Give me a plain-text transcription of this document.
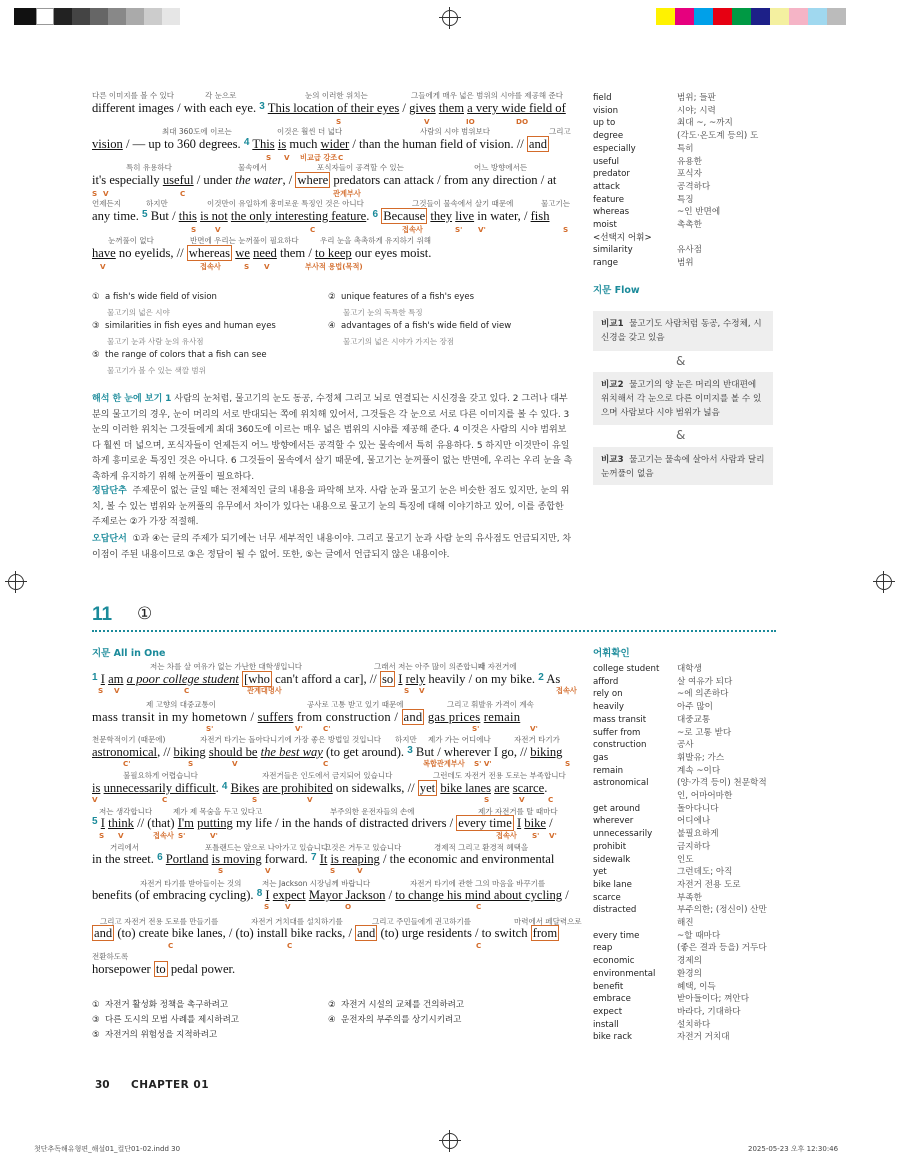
다른 이미지를 볼 수 있다	각 눈으로	눈의 이러한 위치는	그들에게 매우 넓은 범위의 시야를 제공해 준다
S	V	IO	DO
최대 360도에 이르는	이것은 훨씬 더 넓다	사람의 시야 범위보다	그리고
S V 비교급 강조 C
특히 유용하다	물속에서	포식자들이 공격할 수 있는	어느 방향에서든
S V	C	관계부사
언제든지	하지만	이것만이 유일하게 흥미로운 특징인 것은 아니다	그것들이 물속에서 살기 때문에	물고기는
S	V	C	접속사	S' V'	S
눈꺼풀이 없다	반면에 우리는 눈꺼풀이 필요하다	우리 눈을 촉촉하게 유지하기 위해
V	접속사	S V	부사적 용법(목적)
different images / with each eye. $^3$ This location of their eyes / gives them a very wide field of
vision / — up to 360 degrees. $^4$ This is much wider / than the human field of vision. // and
it's especially useful / under the water, / where predators can attack / from any direction / at
any time. $^5$ But / this is not the only interesting feature. $^6$ Because they live in water, / fish
have no eyelids, // whereas we need them / to keep our eyes moist.
① a fish's wide field of vision
물고기의 넓은 시야
② unique features of a fish's eyes
물고기 눈의 독특한 특징
③ similarities in fish eyes and human eyes
물고기 눈과 사람 눈의 유사점
④ advantages of a fish's wide field of view
물고기의 넓은 시야가 가지는 장점
⑤ the range of colors that a fish can see
물고기가 볼 수 있는 색깔 범위
해석 한 눈에 보기 1 사람의 눈처럼, 물고기의 눈도 동공, 수정체 그리고 뇌로 연결되는 시신경을 갖고 있다. 2 그러나 대부분의 물고기의 경우, 눈이 머리의 서로 반대되는 쪽에 위치해 있어서, 그것들은 각 눈으로 서로 다른 이미지를 볼 수 있다. 3 눈의 이러한 위치는 그것들에게 최대 360도에 이르는 매우 넓은 범위의 시야를 제공해 준다. 4 이것은 사람의 시야 범위보다 훨씬 더 넓으며, 포식자들이 언제든지 어느 방향에서든 공격할 수 있는 물속에서 특히 유용하다. 5 하지만 이것만이 유일하게 흥미로운 특징인 것은 아니다. 6 그것들이 물속에서 살기 때문에, 물고기는 눈꺼풀이 없는 반면에, 우리는 우리 눈을 촉촉하게 유지하기 위해 눈꺼풀이 필요하다.
정답단추 주제문이 없는 글일 때는 전체적인 글의 내용을 파악해 보자. 사람 눈과 물고기 눈은 비슷한 점도 있지만, 눈의 위치, 볼 수 있는 범위와 눈꺼풀의 유무에서 차이가 있다는 내용으로 물고기 눈의 특징에 대해 이야기하고 있어, 이를 종합한 주제로는 ②가 가장 적절해.
오답단서 ①과 ④는 글의 주제가 되기에는 너무 세부적인 내용이야. 그리고 물고기 눈과 사람 눈의 유사점도 언급되지만, 차이점이 주된 내용이므로 ③은 정답이 될 수 없어. 또한, ⑤는 글에서 언급되지 않은 내용이야.
field	범위; 들판
vision	시야; 시력
up to	최대 ~, ~까지
degree	(각도·온도계 등의) 도
especially	특히
useful	유용한
predator	포식자
attack	공격하다
feature	특징
whereas	~인 반면에
moist	촉촉한
<선택지 어휘>
similarity	유사점
range	범위
지문 Flow
비교1 물고기도 사람처럼 동공, 수정체, 시신경을 갖고 있음
&
비교2 물고기의 양 눈은 머리의 반대편에 위치해서 각 눈으로 다른 이미지를 볼 수 있으며 사람보다 시야 범위가 넓음
&
비교3 물고기는 물속에 살아서 사람과 달리 눈꺼풀이 없음
11 ①
지문 All in One	어휘확인
저는 차를 살 여유가 없는 가난한 대학생입니다	그래서 저는 아주 많이 의존합니다
제 자전거에
제 고향의 대중교통이	공사로 고통 받고 있기 때문에	그리고 휘발유 가격이 계속
천문학적이기 (때문에)	자전거 타기는 돌아다니기에 가장 좋은 방법일 것입니다 하지만 제가 가는 어디에나	자전거 타기가
불필요하게 어렵습니다	자전거들은 인도에서 금지되어 있습니다	그런데도 자전거 전용 도로는 부족합니다
저는 생각합니다	제가 제 목숨을 두고 있다고	부주의한 운전자들의 손에	제가 자전거를 탈 때마다
거리에서	포틀랜드는 앞으로 나아가고 있습니다
그것은 거두고 있습니다	경제적 그리고 환경적 혜택을
자전거 타기를 받아들이는 것의	저는 Jackson 시장님께 바랍니다	자전거 타기에 관한 그의 마음을 바꾸기를
그리고 자전거 전용 도로를 만들기를	자전거 거치대를 설치하기를	그리고 주민들에게 권고하기를	마력에서 페달력으로
전환하도록
S V	C	관계대명사	S V	접속사
S'	V'	C'	S'	V'
C'	S	V	C	복합관계부사 S' V'	S
V	C	S	V	S	V	C
S V	접속사 S'	V'	접속사 S' V'
S	V	S	V
S V	O	C
C	C	C
$^1$ I am a poor college student [who can't afford a car], // so I rely heavily / on my bike. $^2$ As
mass transit in my hometown / suffers from construction / and gas prices remain
astronomical, // biking should be the best way (to get around). $^3$ But / wherever I go, // biking
is unnecessarily difficult. $^4$ Bikes are prohibited on sidewalks, // yet bike lanes are scarce.
$^5$ I think // (that) I'm putting my life / in the hands of distracted drivers / every time I bike /
in the street. $^6$ Portland is moving forward. $^7$ It is reaping / the economic and environmental
benefits (of embracing cycling). $^8$ I expect Mayor Jackson / to change his mind about cycling /
and (to) create bike lanes, / (to) install bike racks, / and (to) urge residents / to switch from
horsepower to pedal power.
① 자전거 활성화 정책을 촉구하려고	② 자전거 시설의 교체를 건의하려고
③ 다른 도시의 모범 사례를 제시하려고	④ 운전자의 부주의를 상기시키려고
⑤ 자전거의 위험성을 지적하려고
college student	대학생
afford	살 여유가 되다
rely on	~에 의존하다
heavily	아주 많이
mass transit	대중교통
suffer from	~로 고통 받다
construction	공사
gas	휘발유; 가스
remain	계속 ~이다
astronomical	(양·가격 등이) 천문학적인, 어마어마한
get around	돌아다니다
wherever	어디에나
unnecessarily	불필요하게
prohibit	금지하다
sidewalk	인도
yet	그런데도; 아직
bike lane	자전거 전용 도로
scarce	부족한
distracted	부주의한; (정신이) 산만해진
every time	~할 때마다
reap	(좋은 결과 등을) 거두다
economic	경제의
environmental	환경의
benefit	혜택, 이득
embrace	받아들이다; 껴안다
expect	바라다, 기대하다
install	설치하다
bike rack	자전거 거치대
30 CHAPTER 01
첫단추독해유형편_해설01_컬단01-02.indd 30	2025-05-23 오후 12:30:46
